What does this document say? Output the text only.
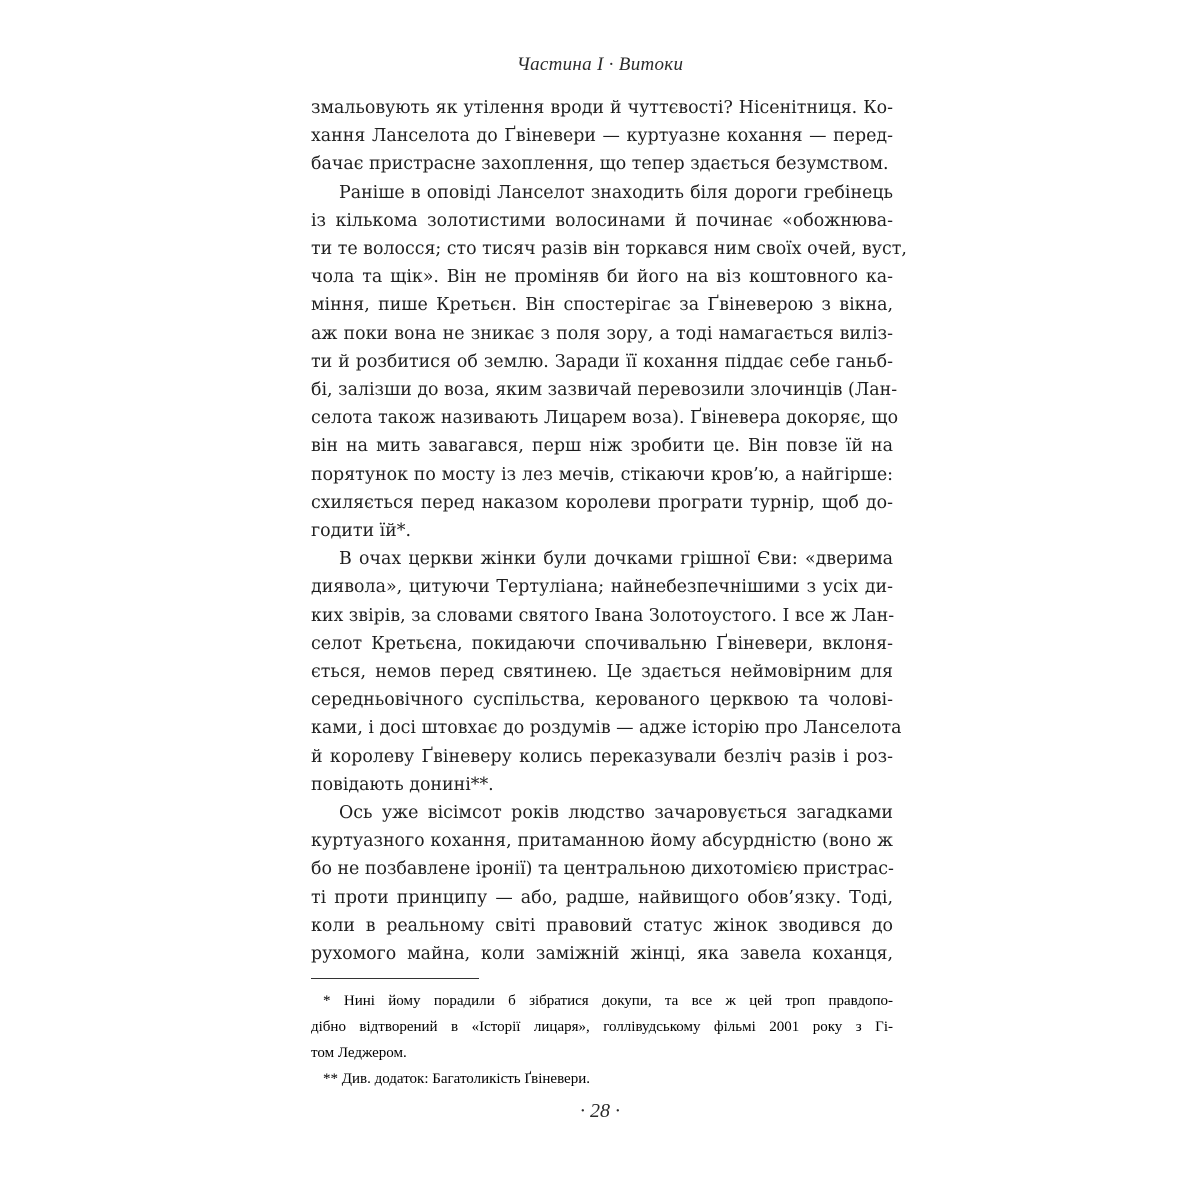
Частина I · Витоки
змальовують як утілення вроди й чуттєвості? Нісенітниця. Ко-
хання Ланселота до Ґвіневери — куртуазне кохання — перед-
бачає пристрасне захоплення, що тепер здається безумством.
Раніше в оповіді Ланселот знаходить біля дороги гребінець
із кількома золотистими волосинами й починає «обожнюва-
ти те волосся; сто тисяч разів він торкався ним своїх очей, вуст,
чола та щік». Він не проміняв би його на віз коштовного ка-
міння, пише Кретьєн. Він спостерігає за Ґвіневерою з вікна,
аж поки вона не зникає з поля зору, а тоді намагається виліз-
ти й розбитися об землю. Заради її кохання піддає себе ганьб-
бі, залізши до воза, яким зазвичай перевозили злочинців (Лан-
селота також називають Лицарем воза). Ґвіневера докоряє, що
він на мить завагався, перш ніж зробити це. Він повзе їй на
порятунок по мосту із лез мечів, стікаючи кров’ю, а найгірше:
схиляється перед наказом королеви програти турнір, щоб до-
годити їй*.
В очах церкви жінки були дочками грішної Єви: «дверима
диявола», цитуючи Тертуліана; найнебезпечнішими з усіх ди-
ких звірів, за словами святого Івана Золотоустого. І все ж Лан-
селот Кретьєна, покидаючи спочивальню Ґвіневери, вклоня-
ється, немов перед святинею. Це здається неймовірним для
середньовічного суспільства, керованого церквою та чолові-
ками, і досі штовхає до роздумів — адже історію про Ланселота
й королеву Ґвіневеру колись переказували безліч разів і роз-
повідають донині**.
Ось уже вісімсот років людство зачаровується загадками
куртуазного кохання, притаманною йому абсурдністю (воно ж
бо не позбавлене іронії) та центральною дихотомією пристрас-
ті проти принципу — або, радше, найвищого обов’язку. Тоді,
коли в реальному світі правовий статус жінок зводився до
рухомого майна, коли заміжній жінці, яка завела коханця,
* Нині йому порадили б зібратися докупи, та все ж цей троп правдопо-
дібно відтворений в «Історії лицаря», голлівудському фільмі 2001 року з Гі-
том Леджером.
** Див. додаток: Багатоликість Ґвіневери.
· 28 ·
